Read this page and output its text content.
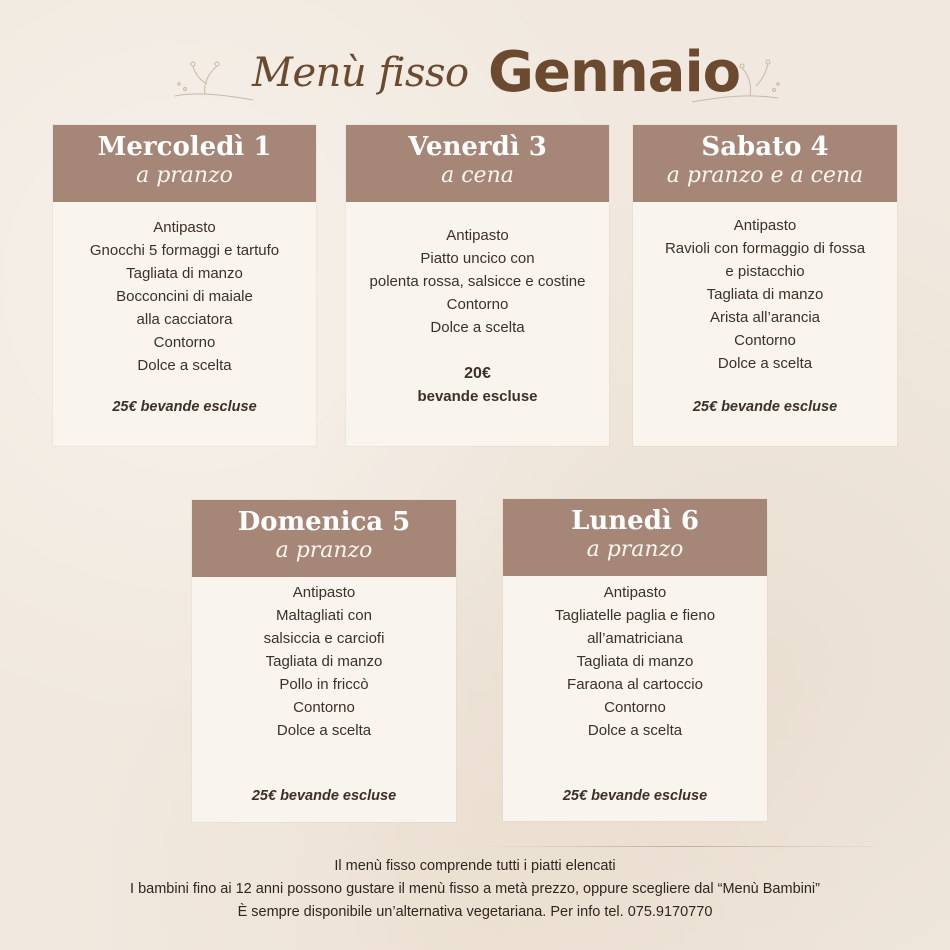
Menù fisso Gennaio
Mercoledì 1
a pranzo
Antipasto
Gnocchi 5 formaggi e tartufo
Tagliata di manzo
Bocconcini di maiale
alla cacciatora
Contorno
Dolce a scelta
25€ bevande escluse
Venerdì 3
a cena
Antipasto
Piatto uncico con
polenta rossa, salsicce e costine
Contorno
Dolce a scelta
20€
bevande escluse
Sabato 4
a pranzo e a cena
Antipasto
Ravioli con formaggio di fossa
e pistacchio
Tagliata di manzo
Arista all’arancia
Contorno
Dolce a scelta
25€ bevande escluse
Domenica 5
a pranzo
Antipasto
Maltagliati con
salsiccia e carciofi
Tagliata di manzo
Pollo in friccò
Contorno
Dolce a scelta
25€ bevande escluse
Lunedì 6
a pranzo
Antipasto
Tagliatelle paglia e fieno
all’amatriciana
Tagliata di manzo
Faraona al cartoccio
Contorno
Dolce a scelta
25€ bevande escluse
Il menù fisso comprende tutti i piatti elencati
I bambini fino ai 12 anni possono gustare il menù fisso a metà prezzo, oppure scegliere dal “Menù Bambini”
È sempre disponibile un’alternativa vegetariana. Per info tel. 075.9170770
